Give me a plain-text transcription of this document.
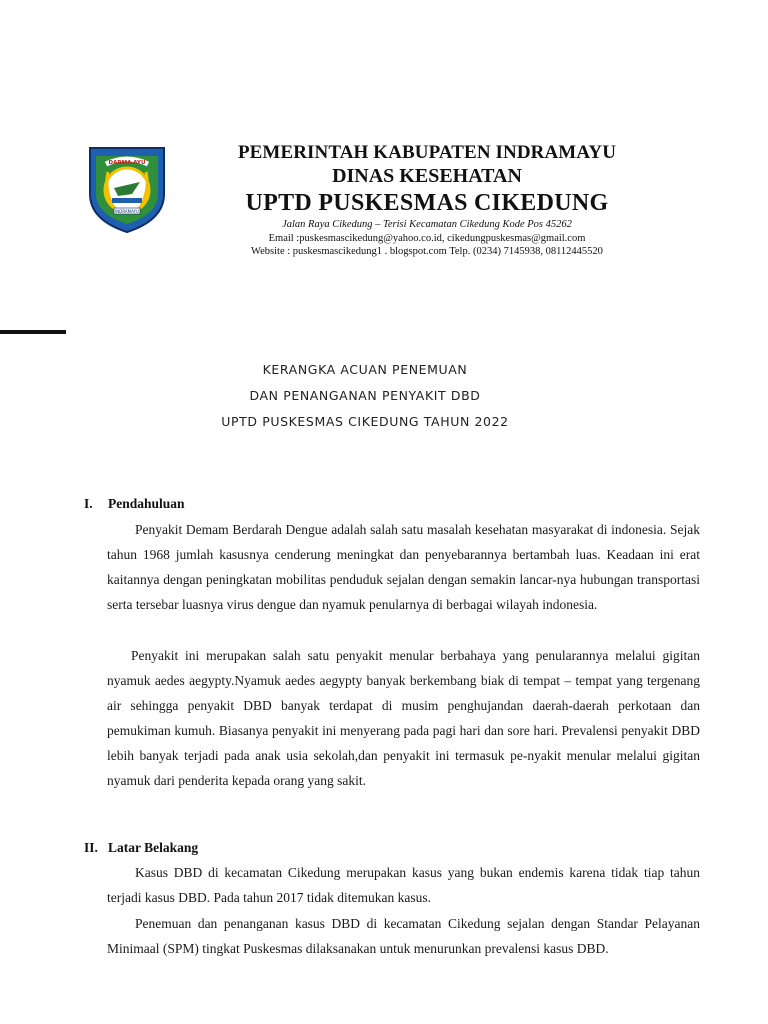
DARMA AYU
INDRAMAYU
PEMERINTAH KABUPATEN INDRAMAYU
DINAS KESEHATAN
UPTD PUSKESMAS CIKEDUNG
Jalan Raya Cikedung – Terisi Kecamatan Cikedung Kode Pos 45262
Email :puskesmascikedung@yahoo.co.id, cikedungpuskesmas@gmail.com
Website : puskesmascikedung1 . blogspot.com Telp. (0234) 7145938, 08112445520
KERANGKA ACUAN PENEMUAN
DAN PENANGANAN PENYAKIT DBD
UPTD PUSKESMAS CIKEDUNG TAHUN 2022
I. Pendahuluan
Penyakit Demam Berdarah Dengue adalah salah satu masalah kesehatan masyarakat di indonesia. Sejak tahun 1968 jumlah kasusnya cenderung meningkat dan penyebarannya bertambah luas. Keadaan ini erat kaitannya dengan peningkatan mobilitas penduduk sejalan dengan semakin lancar-nya hubungan transportasi serta tersebar luasnya virus dengue dan nyamuk penularnya di berbagai wilayah indonesia.
Penyakit ini merupakan salah satu penyakit menular berbahaya yang penularannya melalui gigitan nyamuk aedes aegypty.Nyamuk aedes aegypty banyak berkembang biak di tempat – tempat yang tergenang air sehingga penyakit DBD banyak terdapat di musim penghujandan daerah-daerah perkotaan dan pemukiman kumuh. Biasanya penyakit ini menyerang pada pagi hari dan sore hari. Prevalensi penyakit DBD lebih banyak terjadi pada anak usia sekolah,dan penyakit ini termasuk pe-nyakit menular melalui gigitan nyamuk dari penderita kepada orang yang sakit.
II. Latar Belakang
Kasus DBD di kecamatan Cikedung merupakan kasus yang bukan endemis karena tidak tiap tahun terjadi kasus DBD. Pada tahun 2017 tidak ditemukan kasus.
Penemuan dan penanganan kasus DBD di kecamatan Cikedung sejalan dengan Standar Pelayanan Minimaal (SPM) tingkat Puskesmas dilaksanakan untuk menurunkan prevalensi kasus DBD.
